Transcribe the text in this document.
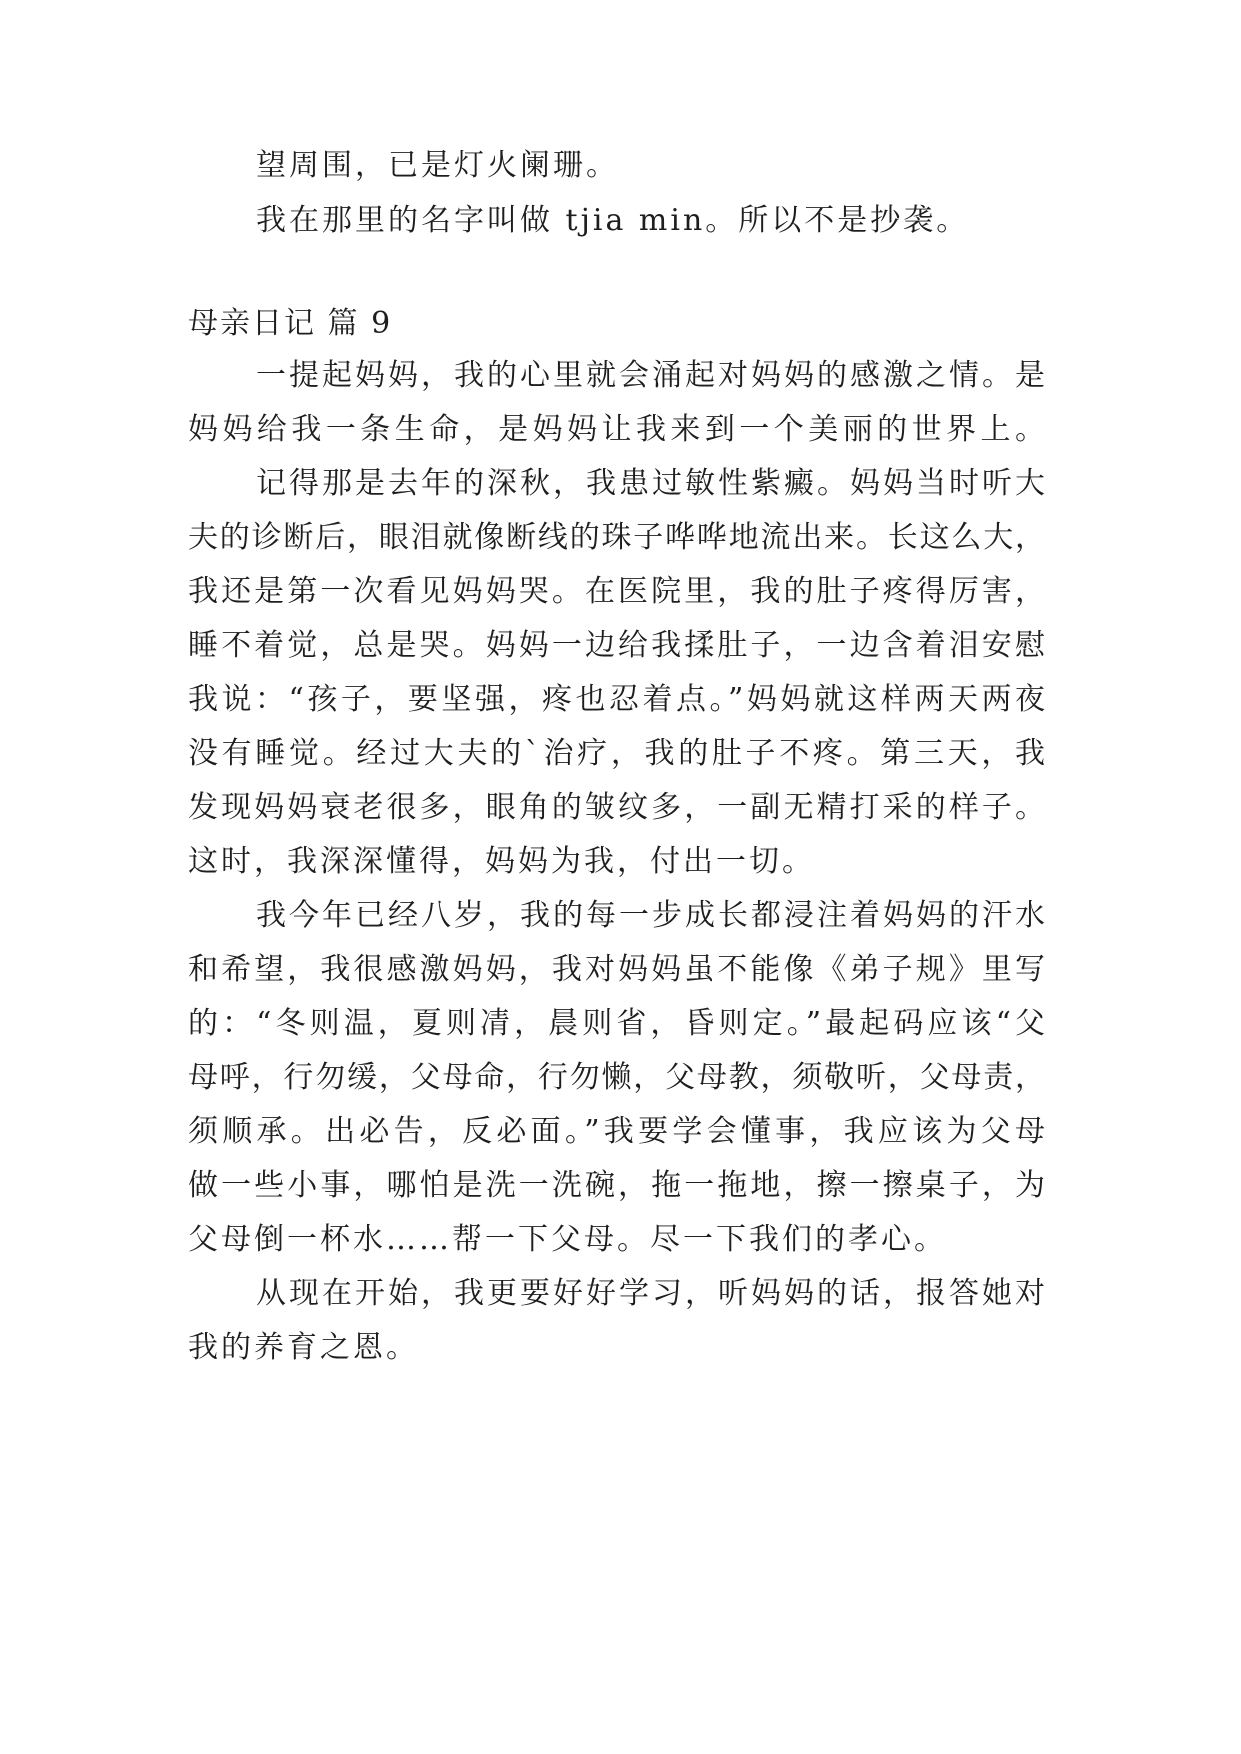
望周围，已是灯火阑珊。
我在那里的名字叫做 tjia min。所以不是抄袭。
母亲日记 篇 9
一提起妈妈，我的心里就会涌起对妈妈的感激之情。是
妈妈给我一条生命，是妈妈让我来到一个美丽的世界上。
记得那是去年的深秋，我患过敏性紫癜。妈妈当时听大
夫的诊断后，眼泪就像断线的珠子哗哗地流出来。长这么大，
我还是第一次看见妈妈哭。在医院里，我的肚子疼得厉害，
睡不着觉，总是哭。妈妈一边给我揉肚子，一边含着泪安慰
我说：“孩子，要坚强，疼也忍着点。”妈妈就这样两天两夜
没有睡觉。经过大夫的`治疗，我的肚子不疼。第三天，我
发现妈妈衰老很多，眼角的皱纹多，一副无精打采的样子。
这时，我深深懂得，妈妈为我，付出一切。
我今年已经八岁，我的每一步成长都浸注着妈妈的汗水
和希望，我很感激妈妈，我对妈妈虽不能像《弟子规》里写
的：“冬则温，夏则凊，晨则省，昏则定。”最起码应该“父
母呼，行勿缓，父母命，行勿懒，父母教，须敬听，父母责，
须顺承。出必告，反必面。”我要学会懂事，我应该为父母
做一些小事，哪怕是洗一洗碗，拖一拖地，擦一擦桌子，为
父母倒一杯水……帮一下父母。尽一下我们的孝心。
从现在开始，我更要好好学习，听妈妈的话，报答她对
我的养育之恩。
